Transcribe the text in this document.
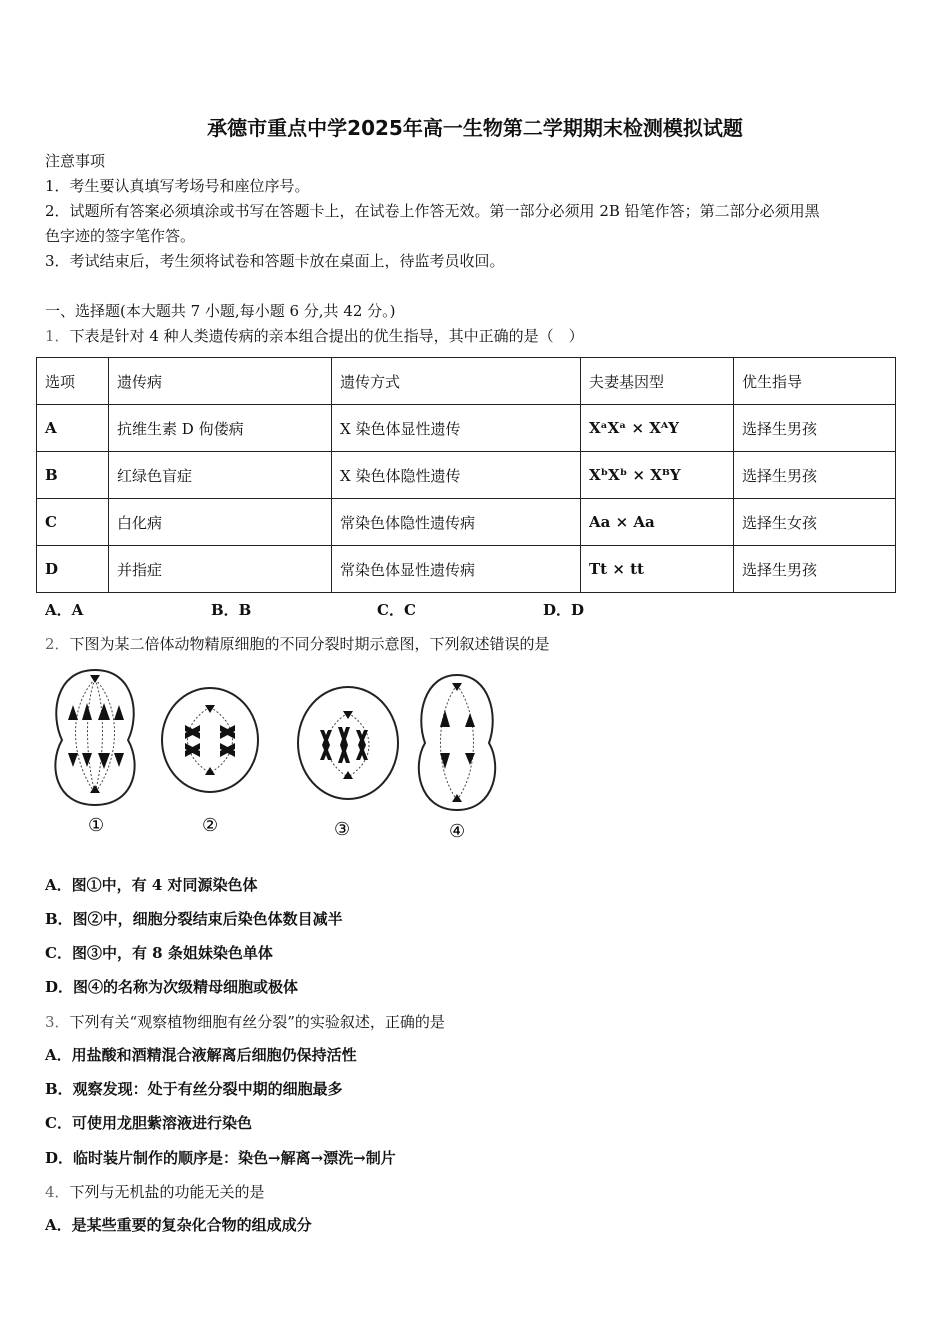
承德市重点中学2025年高一生物第二学期期末检测模拟试题
注意事项
1．考生要认真填写考场号和座位序号。
2．试题所有答案必须填涂或书写在答题卡上，在试卷上作答无效。第一部分必须用 2B 铅笔作答；第二部分必须用黑
色字迹的签字笔作答。
3．考试结束后，考生须将试卷和答题卡放在桌面上，待监考员收回。
一、选择题(本大题共 7 小题,每小题 6 分,共 42 分。)
1．下表是针对 4 种人类遗传病的亲本组合提出的优生指导，其中正确的是（　）
选项	遗传病	遗传方式	夫妻基因型	优生指导
A	抗维生素 D 佝偻病	X 染色体显性遗传	XᵃXᵃ × XᴬY	选择生男孩
B	红绿色盲症	X 染色体隐性遗传	XᵇXᵇ × XᴮY	选择生男孩
C	白化病	常染色体隐性遗传病	Aa × Aa	选择生女孩
D	并指症	常染色体显性遗传病	Tt × tt	选择生男孩
A．A	B．B	C．C	D．D
2．下图为某二倍体动物精原细胞的不同分裂时期示意图，下列叙述错误的是
①	②	③	④
A．图①中，有 4 对同源染色体
B．图②中，细胞分裂结束后染色体数目减半
C．图③中，有 8 条姐妹染色单体
D．图④的名称为次级精母细胞或极体
3．下列有关“观察植物细胞有丝分裂”的实验叙述，正确的是
A．用盐酸和酒精混合液解离后细胞仍保持活性
B．观察发现：处于有丝分裂中期的细胞最多
C．可使用龙胆紫溶液进行染色
D．临时装片制作的顺序是：染色→解离→漂洗→制片
4．下列与无机盐的功能无关的是
A．是某些重要的复杂化合物的组成成分
